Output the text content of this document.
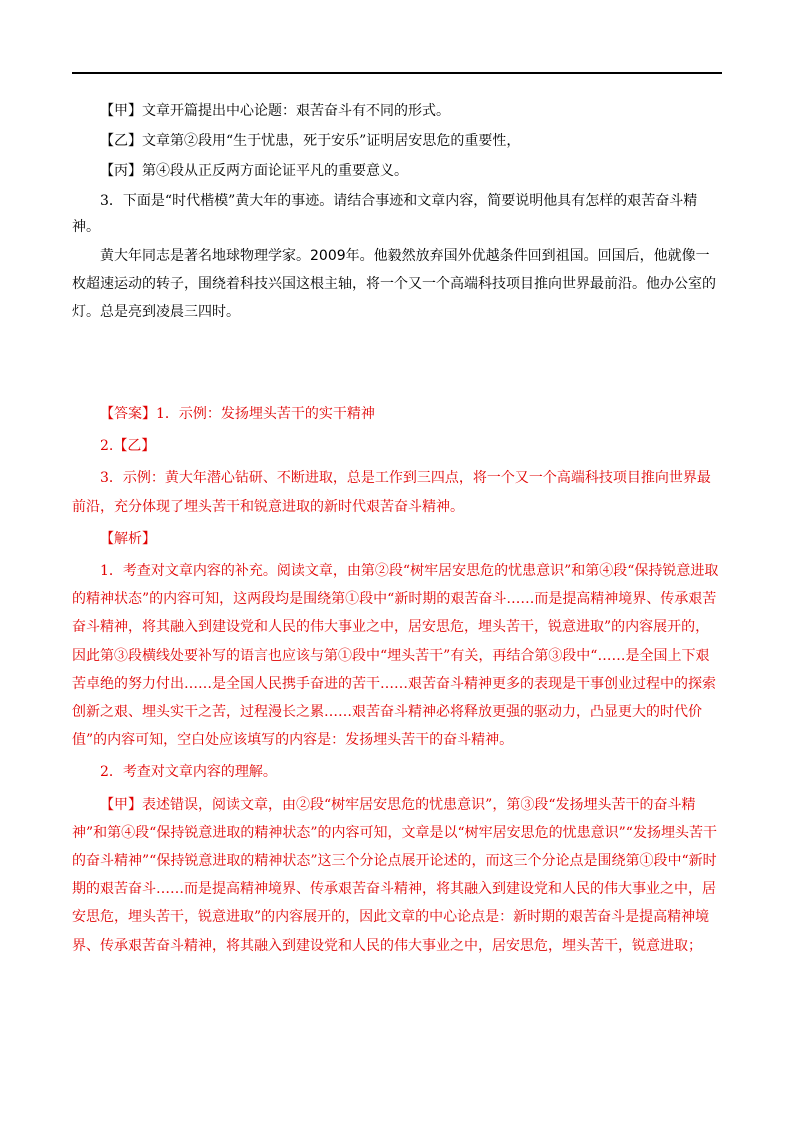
【甲】文章开篇提出中心论题：艰苦奋斗有不同的形式。

【乙】文章第②段用“生于忧患，死于安乐”证明居安思危的重要性，

【丙】第④段从正反两方面论证平凡的重要意义。

3．下面是“时代楷模”黄大年的事迹。请结合事迹和文章内容，简要说明他具有怎样的艰苦奋斗精神。

黄大年同志是著名地球物理学家。2009年。他毅然放弃国外优越条件回到祖国。回国后，他就像一枚超速运动的转子，围绕着科技兴国这根主轴，将一个又一个高端科技项目推向世界最前沿。他办公室的灯。总是亮到凌晨三四时。

【答案】1．示例：发扬埋头苦干的实干精神

2.【乙】

3．示例：黄大年潜心钻研、不断进取，总是工作到三四点，将一个又一个高端科技项目推向世界最前沿，充分体现了埋头苦干和锐意进取的新时代艰苦奋斗精神。

【解析】

1．考查对文章内容的补充。阅读文章，由第②段“树牢居安思危的忧患意识”和第④段“保持锐意进取的精神状态”的内容可知，这两段均是围绕第①段中“新时期的艰苦奋斗……而是提高精神境界、传承艰苦奋斗精神，将其融入到建设党和人民的伟大事业之中，居安思危，埋头苦干，锐意进取”的内容展开的，因此第③段横线处要补写的语言也应该与第①段中“埋头苦干”有关，再结合第③段中“……是全国上下艰苦卓绝的努力付出……是全国人民携手奋进的苦干……艰苦奋斗精神更多的表现是干事创业过程中的探索创新之艰、埋头实干之苦，过程漫长之累……艰苦奋斗精神必将释放更强的驱动力，凸显更大的时代价值”的内容可知，空白处应该填写的内容是：发扬埋头苦干的奋斗精神。

2．考查对文章内容的理解。

【甲】表述错误，阅读文章，由②段“树牢居安思危的忧患意识”，第③段“发扬埋头苦干的奋斗精神”和第④段“保持锐意进取的精神状态”的内容可知，文章是以“树牢居安思危的忧患意识”“发扬埋头苦干的奋斗精神”“保持锐意进取的精神状态”这三个分论点展开论述的，而这三个分论点是围绕第①段中“新时期的艰苦奋斗……而是提高精神境界、传承艰苦奋斗精神，将其融入到建设党和人民的伟大事业之中，居安思危，埋头苦干，锐意进取”的内容展开的，因此文章的中心论点是：新时期的艰苦奋斗是提高精神境界、传承艰苦奋斗精神，将其融入到建设党和人民的伟大事业之中，居安思危，埋头苦干，锐意进取；
